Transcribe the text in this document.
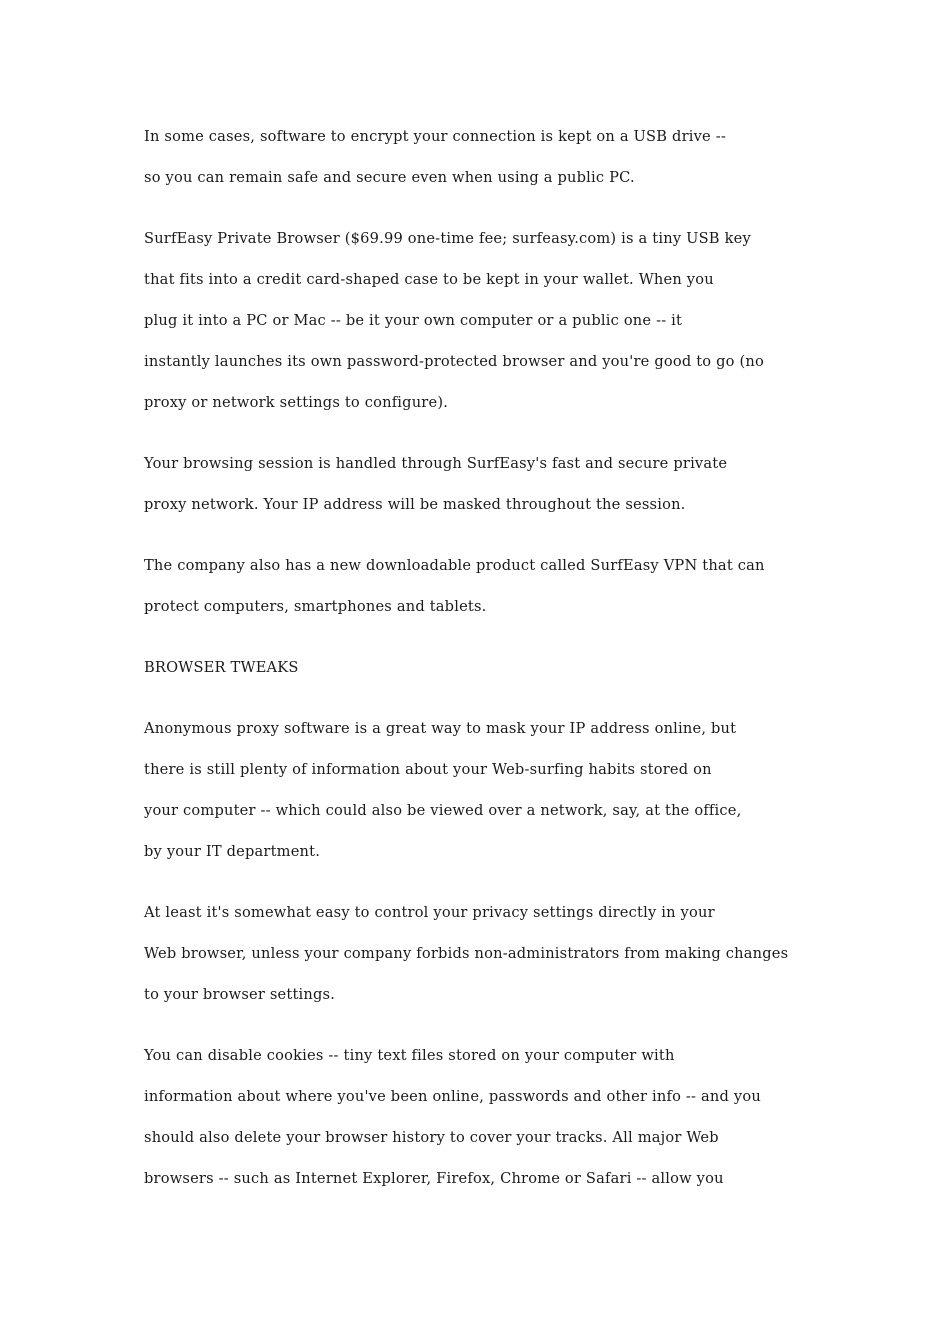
In some cases, software to encrypt your connection is kept on a USB drive --
so you can remain safe and secure even when using a public PC.
SurfEasy Private Browser ($69.99 one-time fee; surfeasy.com) is a tiny USB key
that fits into a credit card-shaped case to be kept in your wallet. When you
plug it into a PC or Mac -- be it your own computer or a public one -- it
instantly launches its own password-protected browser and you're good to go (no
proxy or network settings to configure).
Your browsing session is handled through SurfEasy's fast and secure private
proxy network. Your IP address will be masked throughout the session.
The company also has a new downloadable product called SurfEasy VPN that can
protect computers, smartphones and tablets.
BROWSER TWEAKS
Anonymous proxy software is a great way to mask your IP address online, but
there is still plenty of information about your Web-surfing habits stored on
your computer -- which could also be viewed over a network, say, at the office,
by your IT department.
At least it's somewhat easy to control your privacy settings directly in your
Web browser, unless your company forbids non-administrators from making changes
to your browser settings.
You can disable cookies -- tiny text files stored on your computer with
information about where you've been online, passwords and other info -- and you
should also delete your browser history to cover your tracks. All major Web
browsers -- such as Internet Explorer, Firefox, Chrome or Safari -- allow you
